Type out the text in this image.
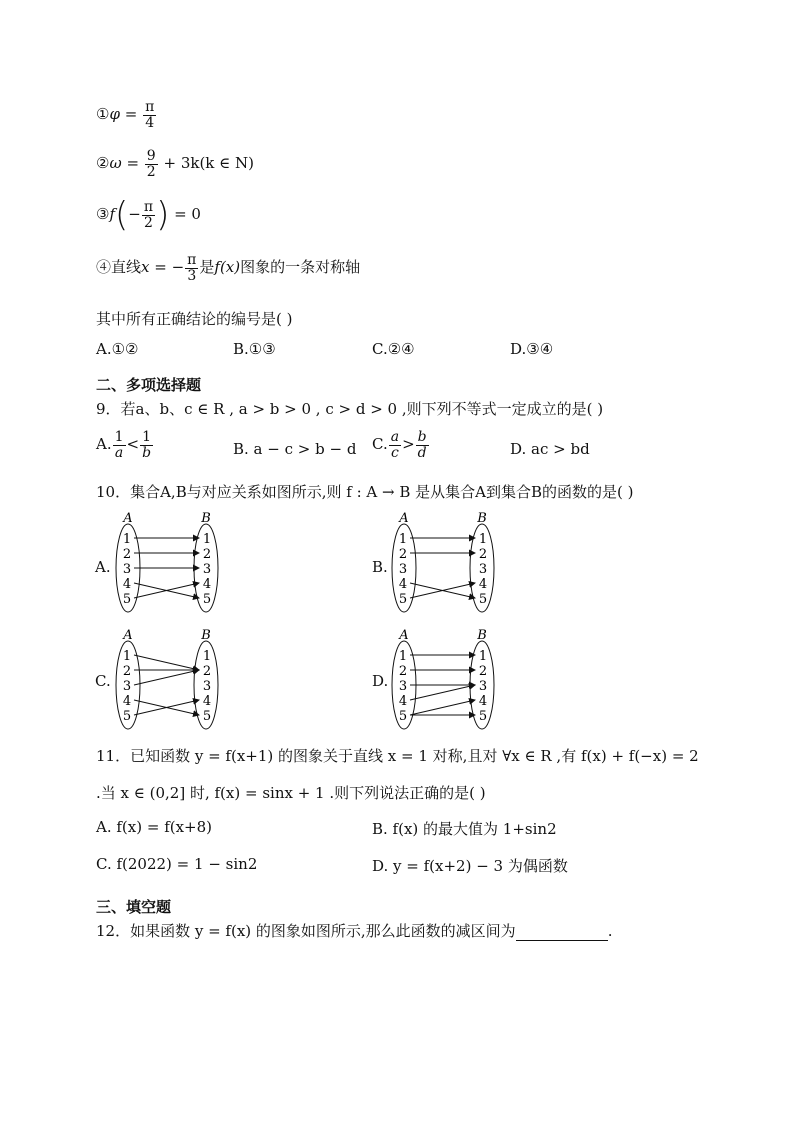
①φ = $\frac{\pi}{4}$
②ω = $\frac{9}{2} + 3k(k$ ∈ N)
③f(− $\frac{\pi}{2}$ ) = 0
④直线x = − $\frac{\pi}{3}$ 是f(x)图象的一条对称轴
其中所有正确结论的编号是( )
A.①②	B.①③	C.②④	D.③④
二、多项选择题
9．若a、b、c ∈ R , a > b > 0 , c > d > 0 ,则下列不等式一定成立的是( )
A. $\frac{1}{a} < \frac{1}{b}$	B. a − c > b − d C. $\frac{a}{c} > \frac{b}{d}$	D. ac > bd
10．集合A,B与对应关系如图所示,则 f : A → B 是从集合A到集合B的函数的是( )
A	B
1	1
2	2
3	3
4	4
5	5
A	B
1	1
2	2
3	3
4	4
5	5
A	B
1	1
2	2
3	3
4	4
5	5
A	B
1	1
2	2
3	3
4	4
5	5
A.	B.
C.	D.
11．已知函数 y = f(x+1) 的图象关于直线 x = 1 对称,且对 ∀x ∈ R ,有 f(x) + f(−x) = 2
.当 x ∈ (0,2] 时, f(x) = sinx + 1 .则下列说法正确的是( )
A. f(x) = f(x+8)	B. f(x) 的最大值为 1+sin2
C. f(2022) = 1 − sin2	D. y = f(x+2) − 3 为偶函数
三、填空题
12．如果函数 y = f(x) 的图象如图所示,那么此函数的减区间为	.
